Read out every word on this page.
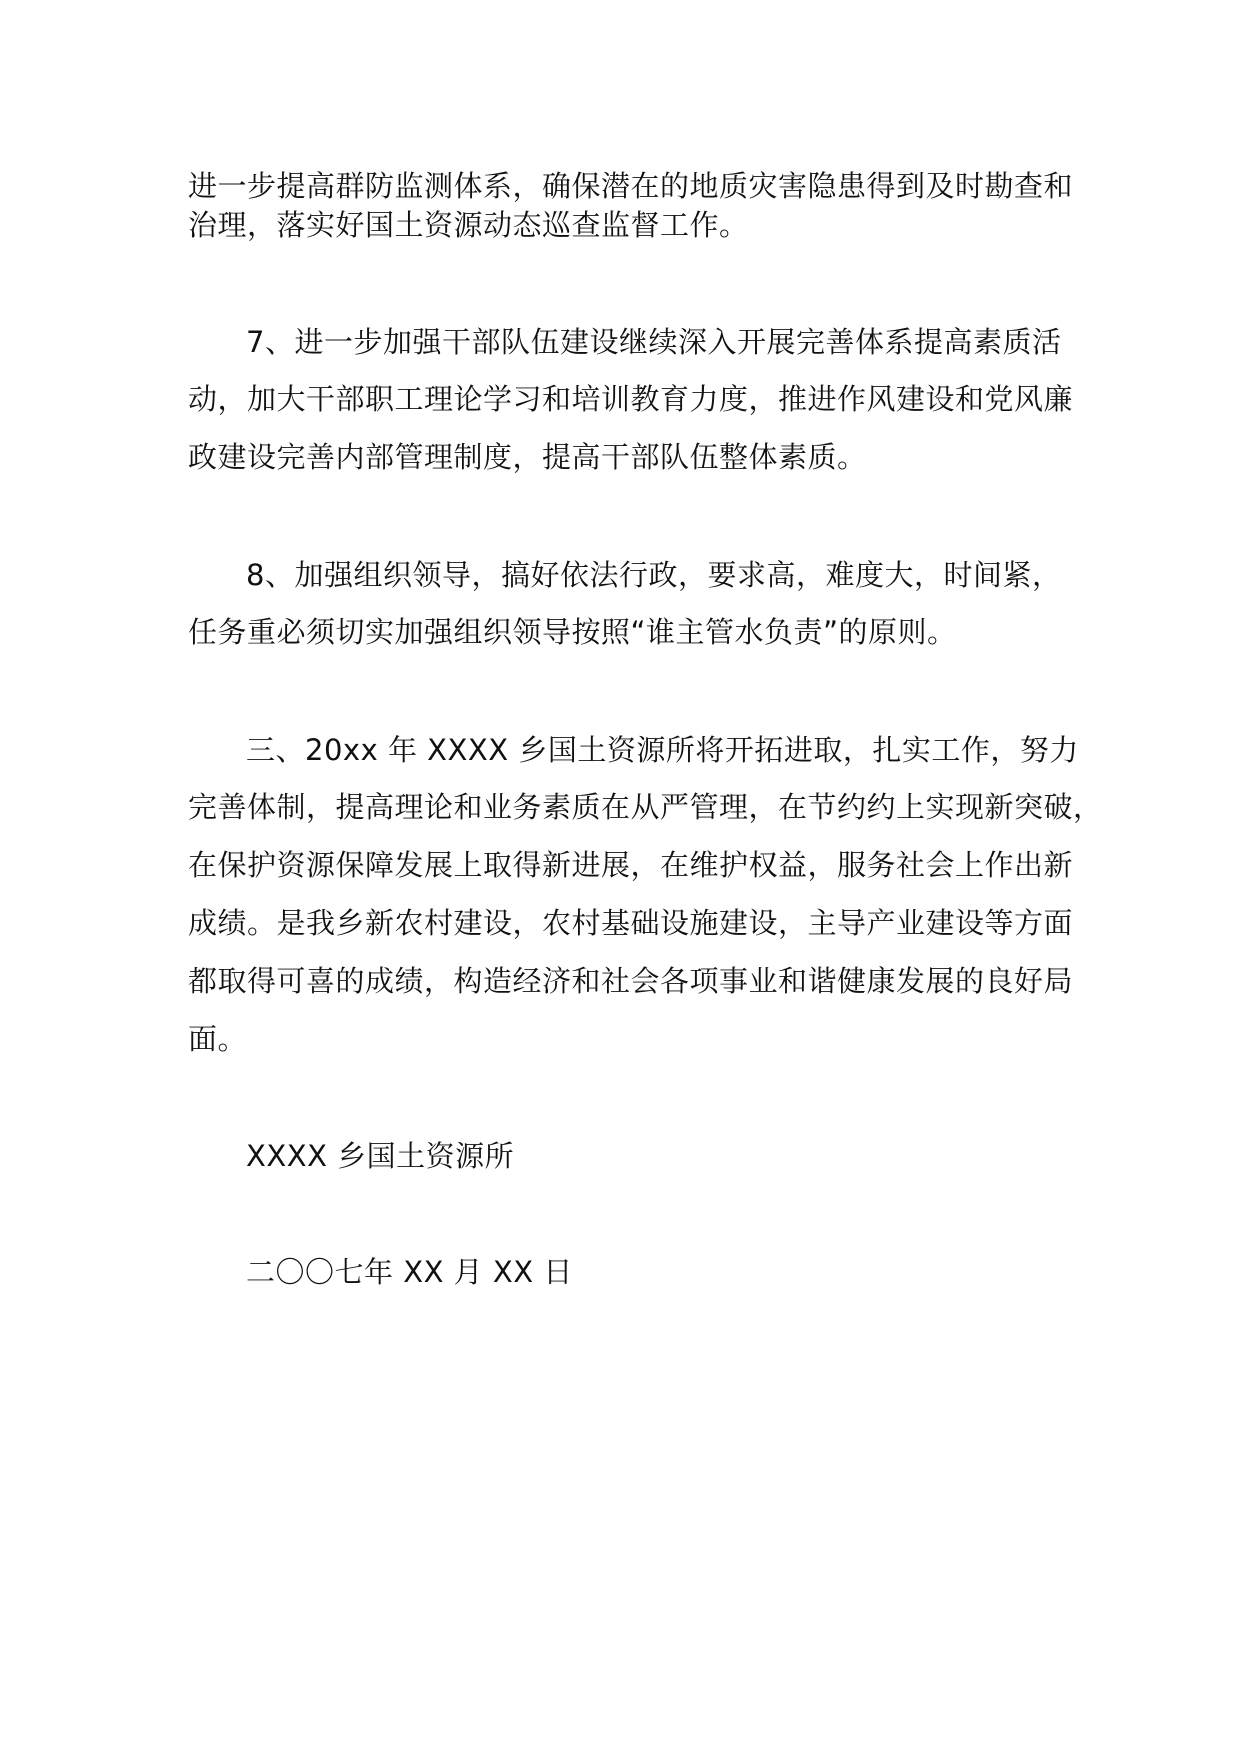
进一步提高群防监测体系，确保潜在的地质灾害隐患得到及时勘查和
治理，落实好国土资源动态巡查监督工作。
7、进一步加强干部队伍建设继续深入开展完善体系提高素质活
动，加大干部职工理论学习和培训教育力度，推进作风建设和党风廉
政建设完善内部管理制度，提高干部队伍整体素质。
8、加强组织领导，搞好依法行政，要求高，难度大，时间紧，
任务重必须切实加强组织领导按照“谁主管水负责”的原则。
三、20xx 年 XXXX 乡国土资源所将开拓进取，扎实工作，努力
完善体制，提高理论和业务素质在从严管理，在节约约上实现新突破，
在保护资源保障发展上取得新进展，在维护权益，服务社会上作出新
成绩。是我乡新农村建设，农村基础设施建设，主导产业建设等方面
都取得可喜的成绩，构造经济和社会各项事业和谐健康发展的良好局
面。
XXXX 乡国土资源所
二〇〇七年 XX 月 XX 日
